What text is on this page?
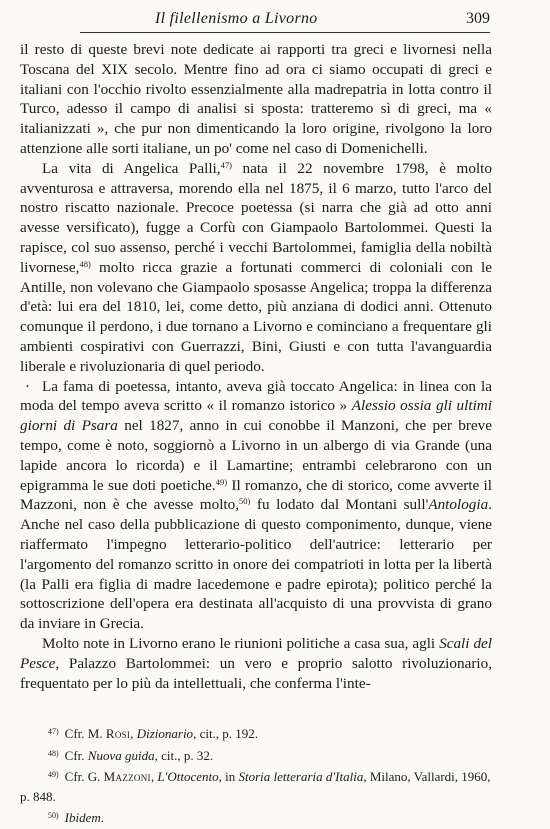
Il filellenismo a Livorno	309

il resto di queste brevi note dedicate ai rapporti tra greci e livornesi nella Toscana del XIX secolo. Mentre fino ad ora ci siamo occupati di greci e italiani con l'occhio rivolto essenzialmente alla madrepatria in lotta contro il Turco, adesso il campo di analisi si sposta: tratteremo sì di greci, ma « italianizzati », che pur non dimenticando la loro origine, rivolgono la loro attenzione alle sorti italiane, un po' come nel caso di Domenichelli.

La vita di Angelica Palli,$^{47)}$ nata il 22 novembre 1798, è molto avventurosa e attraversa, morendo ella nel 1875, il 6 marzo, tutto l'arco del nostro riscatto nazionale. Precoce poetessa (si narra che già ad otto anni avesse versificato), fugge a Corfù con Giampaolo Bartolommei. Questi la rapisce, col suo assenso, perché i vecchi Bartolommei, famiglia della nobiltà livornese,$^{48)}$ molto ricca grazie a fortunati commerci di coloniali con le Antille, non volevano che Giampaolo sposasse Angelica; troppa la differenza d'età: lui era del 1810, lei, come detto, più anziana di dodici anni. Ottenuto comunque il perdono, i due tornano a Livorno e cominciano a frequentare gli ambienti cospirativi con Guerrazzi, Bini, Giusti e con tutta l'avanguardia liberale e rivoluzionaria di quel periodo.

• La fama di poetessa, intanto, aveva già toccato Angelica: in linea con la moda del tempo aveva scritto « il romanzo istorico » Alessio ossia gli ultimi giorni di Psara nel 1827, anno in cui conobbe il Manzoni, che per breve tempo, come è noto, soggiornò a Livorno in un albergo di via Grande (una lapide ancora lo ricorda) e il Lamartine; entrambi celebrarono con un epigramma le sue doti poetiche.$^{49)}$ Il romanzo, che di storico, come avverte il Mazzoni, non è che avesse molto,$^{50)}$ fu lodato dal Montani sull'Antologia. Anche nel caso della pubblicazione di questo componimento, dunque, viene riaffermato l'impegno letterario-politico dell'autrice: letterario per l'argomento del romanzo scritto in onore dei compatrioti in lotta per la libertà (la Palli era figlia di madre lacedemone e padre epirota); politico perché la sottoscrizione dell'opera era destinata all'acquisto di una provvista di grano da inviare in Grecia.

Molto note in Livorno erano le riunioni politiche a casa sua, agli Scali del Pesce, Palazzo Bartolommei: un vero e proprio salotto rivoluzionario, frequentato per lo più da intellettuali, che conferma l'inte-

$^{47)}$ Cfr. M. Rosi, Dizionario, cit., p. 192.

$^{48)}$ Cfr. Nuova guida, cit., p. 32.

$^{49)}$ Cfr. G. Mazzoni, L'Ottocento, in Storia letteraria d'Italia, Milano, Vallardi, 1960, p. 848.

$^{50)}$ Ibidem.
